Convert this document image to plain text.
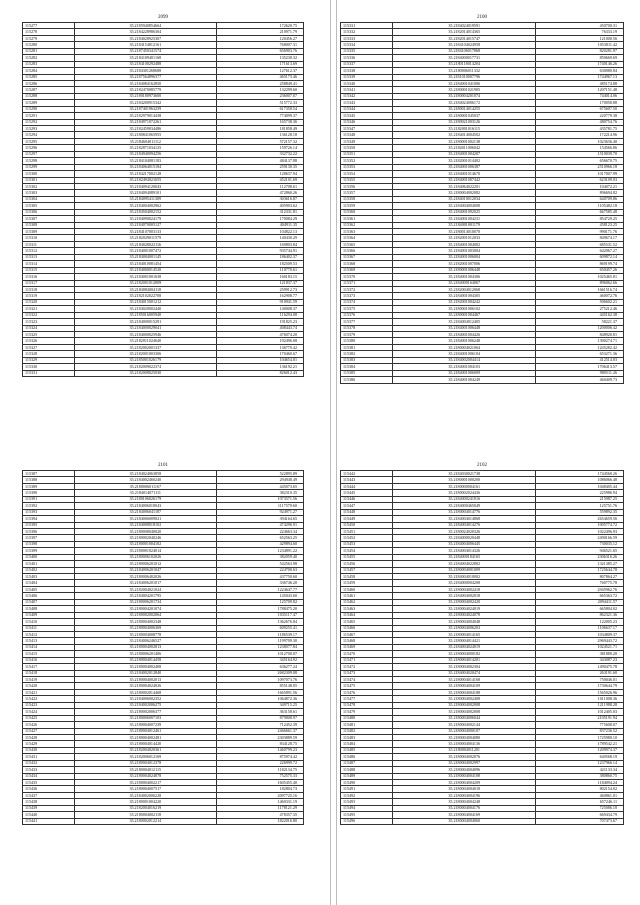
2099
115277	35.2185940854664	172620.75
115278	35.2184228986304	210971.79
115279	35.2184028925307	120456.27
115280	35.2184154812161	768007.31
115281	35.2187450341574	656903.76
115282	35.2184109401168	135230.32
115283	35.2184100292488	171613.69
115284	35.2184301268688	127612.37
115285	35.2187564896377	465173.46
115286	35.2184084162850	258849.41
115287	35.2182470085779	132299.60
115288	35.2180180973600	236007.07
115289	35.2184200915342	515772.33
115290	35.2187401963259	617358.54
115291	35.2182979014438	774099.37
115292	35.2184971072261	165738.36
115293	35.2182459034486	181858.49
115294	35.2180841065955	136128.18
115295	35.2184604011112	572157.32
115296	35.2182871034125	159726.14
115297	35.2184940094256	332732.22
115298	35.2184104081183	484137.88
115299	35.2184064015184	259130.35
115300	35.2184217002128	128637.94
115301	35.2182494021655	452101.69
115302	35.2184094120043	112708.61
115303	35.2184094089101	472860.26
115304	35.2184095411309	303616.87
115305	35.2184004002962	405903.62
115306	35.2184504002152	312331.81
115307	35.2184090024179	170084.29
115308	35.2184070005127	404911.35
115309	35.2184107003133	104822.13
115310	35.2182029011579	140430.29
115311	35.2184028022116	169803.84
115312	35.2184001007472	935744.91
115313	35.2184004001145	186402.37
115314	35.2184010081454	182509.53
115315	35.2184000014520	110770.61
115316	35.2184001001638	160183.15
115317	35.2182001012009	121837.37
115318	35.2184084004118	259912.73
115319	35.2182102022708	162908.77
115320	35.2184015001212	910941.59
115321	35.2184020002440	140008.37
115322	35.2185016005940	116294.08
115323	35.2184000015291	191825.23
115324	35.2184000029041	408443.74
115325	35.2184000025946	476074.20
115326	35.2182011024640	192496.68
115327	35.2182002001337	136770.42
115328	35.2182001003306	170460.67
115329	35.2185001026179	104654.81
115330	35.2182009022374	136192.21
115331	35.2182008025030	826012.43
2100
115331	35.2184024019591	450700.31
115332	35.2182014014365	76333.19
115333	35.2182014015747	121000.56
115334	35.2184104024958	1053811.42
115335	35.2184106017868	820281.97
115336	35.2184000017731	850669.69
115337	35.2180118014204	1740146.26
115338	35.2180006011332	630080.84
115339	35.2181010007796	1744967.13
115340	35.2184001041006	485174.88
115341	35.2180001021905	1207151.48
115342	35.2180004201074	744014.06
115343	35.2184024006172	170058.88
115344	35.2180014014255	675607.50
115345	35.2180001045037	220779.38
115346	35.2180021003126	480754.76
115347	35.2182001016115	435781.75
115348	35.2184014004502	172214.96
115349	35.2180001002138	1023636.40
115350	35.2184011006042	154566.86
115351	35.2184001004207	1510039.70
115352	35.2182001014402	656670.75
115353	35.2184001006387	2510966.18
115354	35.2184001014670	1017007.99
115355	35.2184001007442	623109.03
115356	35.2184064022201	104072.21
115357	35.2180004002082	896694.82
115358	35.2184010012034	640709.86
115359	35.2184004004008	1105482.18
115360	35.2184001092025	667585.48
115361	35.2184001004231	854729.25
115362	35.2184001001179	458123.25
115363	35.2180014010070	990171.76
115364	35.2182001012033	849674.17
115365	35.2184001004002	685531.52
115366	35.2184001003004	642067.27
115367	35.2184001006004	609872.14
115368	35.2182001007006	869199.74
115369	35.2180001006448	650457.26
115370	35.2184001004306	1025465.81
115371	35.2184000164067	896062.66
115372	35.2182004012068	1661516.74
115373	35.2184001004305	460072.76
115374	35.2182001004242	506602.21
115375	35.2180001006102	275212.46
115376	35.2180001004467	445162.38
115377	35.2184004012405	58221.37
115378	35.2184001006448	1200006.42
115379	35.2184001004426	848920.81
115380	35.2184001006248	1390274.71
115381	35.2180004021064	1245282.42
115382	35.2184001006104	653271.36
115383	35.2184002004414	412514.03
115384	35.2184001004103	1706413.57
115385	35.2184001006009	980511.26
115386	35.2184001004249	460409.73
2101
115387	35.2184024063858	522895.89
115388	35.2184002460240	294948.49
115389	35.2180006011167	445073.65
115390	35.2184014071111	382310.35
115391	35.2180106026179	1073571.56
115392	35.2184006018043	1117579.60
115393	35.2184006041187	924971.27
115394	35.2184006009021	394164.65
115395	35.2184008018102	474296.91
115396	35.2180008040020	224663.34
115397	35.2180002040246	652563.25
115398	35.2180001004102	429894.60
115399	35.2180001024014	1234891.22
115400	35.2180006102026	382059.40
115401	35.2180006201012	542563.98
115402	35.2184006201047	224700.63
115403	35.2180006402026	437750.60
115404	35.2184006201017	336746.20
115405	35.2182004021024	1224647.77
115406	35.2184004201795	145043.60
115407	35.2180006201734	125709.82
115408	35.2180004201074	1788475.20
115409	35.2180002002064	1035117.47
115410	35.2180004002348	1362676.84
115411	35.2180004006369	609255.41
115412	35.2180004008778	1186539.17
115413	35.2184006246527	1199709.30
115414	35.2180004002813	1238077.84
115415	35.2180006201406	1012700.07
115416	35.2180004014458	345164.92
115417	35.2180004002408	636277.24
115418	35.2184002012840	2682309.08
115419	35.2180004002013	1097073.76
115420	35.2180004024026	855148.05
115421	35.2180002014468	1665891.56
115422	35.2184006002352	1064872.36
115423	35.2184002006275	349715.25
115424	35.2180002006377	363158.61
115425	35.2180006007103	879808.97
115426	35.2180004007239	712452.39
115427	35.2180004012461	2466661.37
115428	35.2180004002481	2303889.59
115429	35.2180004014420	834128.75
115430	35.2182004020361	1460799.23
115431	35.2182006012169	875974.42
115432	35.2180004012378	226999.72
115433	35.2180004012115	1182134.75
115434	35.2180004024878	752575.33
115435	35.2180004002217	1605455.40
115436	35.2180004007517	182804.73
115437	35.2184002006228	2097725.16
115438	35.2180001004220	1460331.19
115439	35.2182004016219	1178121.29
115440	35.2180004002118	478357.35
115441	35.2180002012214	1822016.80
2102
115442	35.2184030021738	1744560.26
115443	35.2180001000200	1086066.48
115444	35.2180000004161	1048405.44
115445	35.2180002024436	225986.94
115446	35.2184000241816	215987.25
115447	35.2184000465049	125751.76
115448	35.2180004014776	559892.35
115449	35.2184004014868	2654659.56
115450	35.2184004014276	1005774.72
115451	35.2180024020326	1022496.93
115452	35.2184000020448	2490166.59
115453	35.2184004006445	730035.12
115454	35.2184004014326	946521.65
115455	35.2184000104165	2306316.26
115456	35.2184004022802	1321385.27
115457	35.2180004001009	1725644.78
115458	35.2184004010002	807864.27
115459	35.2184000004208	760775.78
115460	35.2180004002418	2945962.76
115461	35.2184004002018	665363.72
115462	35.2180004002420	2094411.57
115463	35.2180004024019	665804.02
115464	35.2180004024078	862321.36
115465	35.2180004004048	122005.23
115466	35.2180004006203	1106637.17
115467	35.2180004014165	1034809.37
115468	35.2180004014421	2969443.72
115469	35.2184004024019	1024521.71
115470	35.2180004000182	381880.20
115471	35.2180004014201	343087.23
115472	35.2180004002304	1490475.78
115473	35.2184004020474	263191.60
115474	35.2180004014168	750046.01
115475	35.2180004004109	1730644.79
115476	35.2180004004188	1565026.96
115477	35.2180004002408	1011008.36
115478	35.2180004002008	1211988.28
115479	35.2180004002008	1012405.03
115480	35.2180004006044	2105191.94
115481	35.2180004002144	775608.07
115482	35.2180004000107	837236.52
115483	35.2180004004080	1725980.10
115484	35.2180004004136	1789542.21
115485	35.2180004011201	1209974.37
115486	35.2180004002076	640568.19
115487	35.2180004002997	1237966.14
115488	35.2180004004096	421133.34
115489	35.2180004004108	380860.75
115490	35.2180004004209	1184094.24
115491	35.2180004004018	802154.02
115492	35.2180004004196	460861.01
115493	35.2180004004248	657246.11
115494	35.2180004004176	725086.18
115495	35.2180004004169	669434.79
115496	35.2180004004060	707473.67
